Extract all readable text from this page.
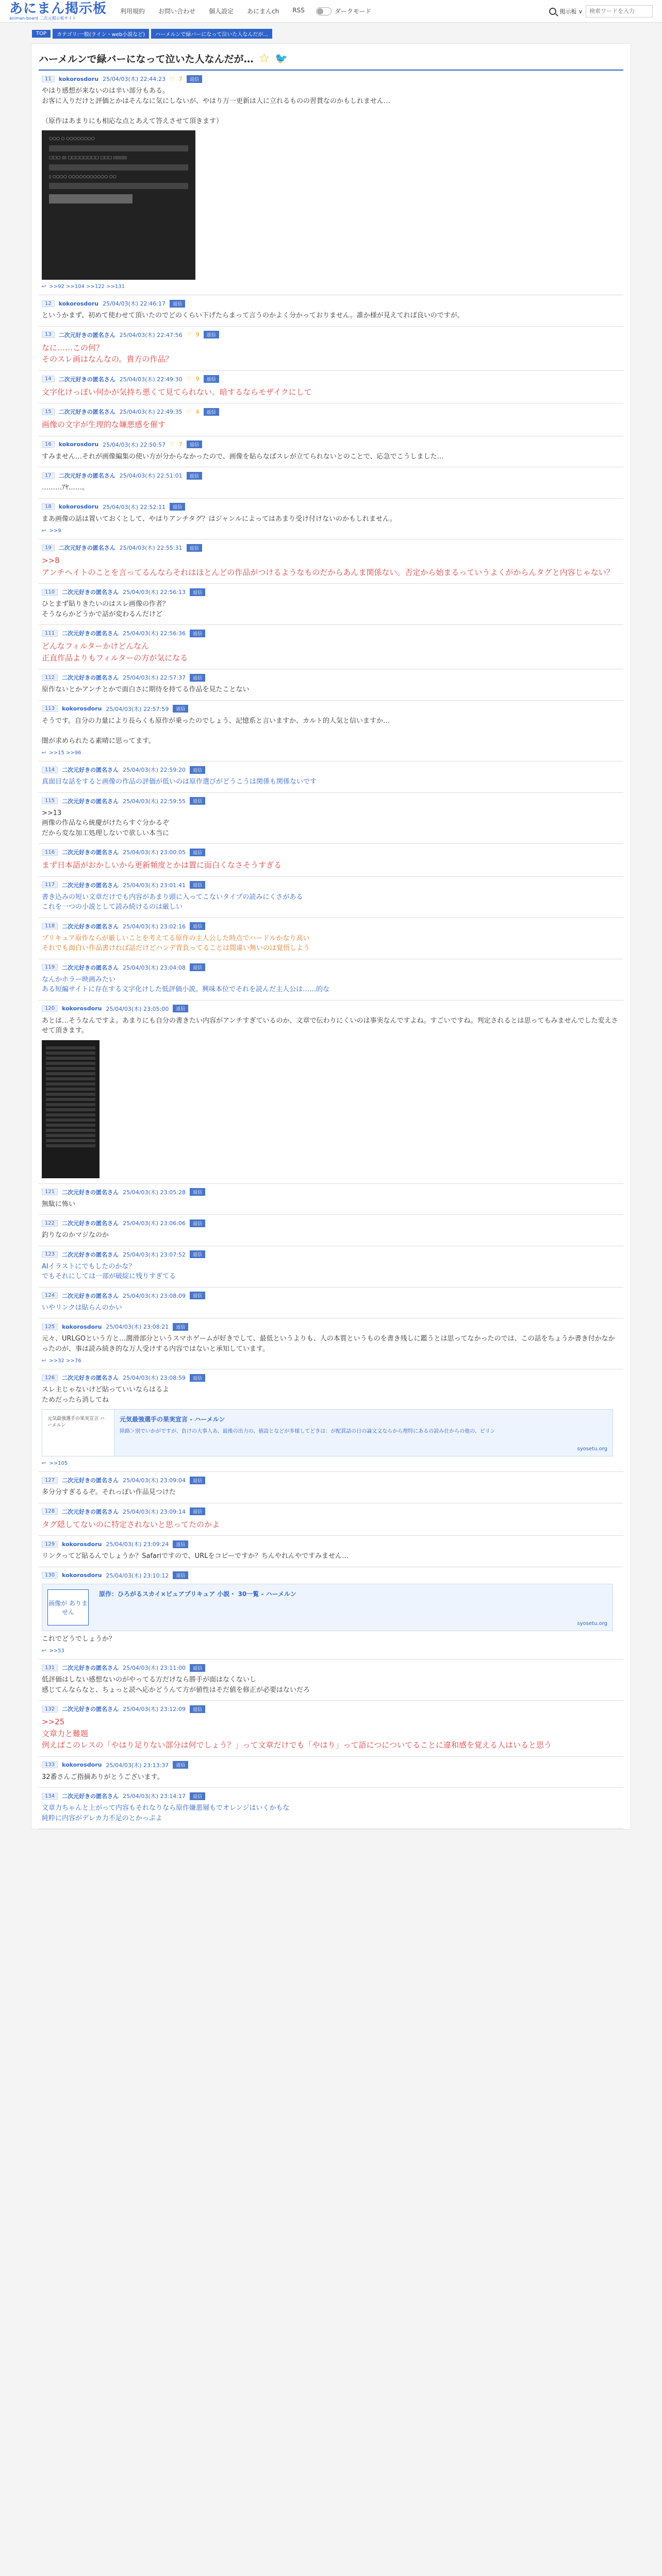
あにまん掲示板
animan-board 二次元掲示板サイト
利用規約 お問い合わせ 個人設定 あにまんch RSS	ダークモード	掲示板 ∨
検索ワードを入力
TOP	カテゴリ:一般(ライン・web小説など)	ハーメルンで緑バーになって泣いた人なんだが...
ハーメルンで緑バーになって泣いた人なんだが… ☆ 🐦
11	kokorosdoru 25/04/03(木) 22:44:23 ♡ 7	返信
やはり感想が来ないのは辛い部分もある。
お客に入りだけと評価とかはそんなに気にしないが、やはり万一更新は人に立れるものの習貫なのかもしれません…

（原作はあまりにも相応な点とあえて答えさせて頂きます）
○○○ ○ ○○○○○○○○
□□□ ▯▯ □□□□□□□□ □□□ ▯▯▯▯▯▯
▯ ○○○○ ○○○○○○○○○○○ ○○
↩ >>92 >>104 >>122 >>131
12	kokorosdoru 25/04/03(木) 22:46:17	返信
というかまず、初めて使わせて頂いたのでどのくらい下げたらまって言うのかよく分かっておりません。誰か様が見えてれば良いのですが。
13	二次元好きの匿名さん 25/04/03(木) 22:47:56 ♡ 9	返信
なに……この何？
そのスレ画はなんなの。貴方の作品？
14	二次元好きの匿名さん 25/04/03(木) 22:49:30 ♡ 9	返信
文字化けっぽい何かが気持ち悪くて見てられない。暗するならモザイクにして
15	二次元好きの匿名さん 25/04/03(木) 22:49:35 ♡ 4	返信
画像の文字が生理的な嫌悪感を催す
16	kokorosdoru 25/04/03(木) 22:50:57 ♡ 7	返信
すみません…それが画像編集の使い方が分からなかったので、画像を貼らなばスレが立てられないとのことで、応急でこうしました…
17	二次元好きの匿名さん 25/04/03(木) 22:51:01	返信
………ｱﾔ……。
18	kokorosdoru 25/04/03(木) 22:52:11	返信
まあ画像の話は置いておくとして、やはりアンチタグ？はジャンルによってはあまり受け付けないのかもしれません。
↩ >>9
19	二次元好きの匿名さん 25/04/03(木) 22:55:31	返信
>>8
アンチヘイトのことを言ってるんならそれはほとんどの作品がつけるようなものだからあんま関係ない。否定から始まるっていうよくがからんタグと内容じゃない？
110	二次元好きの匿名さん 25/04/03(木) 22:56:13	返信
ひとまず貼りきたいのはスレ画像の作者？
そうならかどうかで話が変わるんだけど
111	二次元好きの匿名さん 25/04/03(木) 22:56:36	返信
どんなフィルターかけどんなん
正直作品よりもフィルターの方が気になる
112	二次元好きの匿名さん 25/04/03(木) 22:57:37	返信
原作ないとかアンチとかで面白さに期待を持てる作品を見たことない
113	kokorosdoru 25/04/03(木) 22:57:59	返信
そうです。自分の力量により長らくも原作が乗ったのでしょう、記憶系と言いますか、カルト的人気と信いますか…

闇が求められたる素晴に思ってます。
↩ >>15 >>96
114	二次元好きの匿名さん 25/04/03(木) 22:59:20	返信
真面目な話をすると画像の作品の評価が低いのは原作選びがどうこうは関係も関係ないです
115	二次元好きの匿名さん 25/04/03(木) 22:59:55	返信
>>13
画像の作品なら統慶がけたらすぐ分かるぞ
だから変な加工処理しないで欲しい本当に
116	二次元好きの匿名さん 25/04/03(木) 23:00:05	返信
まず日本語がおかしいから更新頻度とかは置に面白くなさそうすぎる
117	二次元好きの匿名さん 25/04/03(木) 23:01:41	返信
書き込みの短い文章だけでも内容があまり頭に入ってこないタイプの読みにくさがある
これを一つの小説として読み続けるのは厳しい
118	二次元好きの匿名さん 25/04/03(木) 23:02:16	返信
プリキュア原作ならが厳しいことを考えてる原作の主人公した時点でハードルかなり高い
それでも面白い作品書ければ話だけどハンデ背負ってることは間違い無いのは覚悟しよう
119	二次元好きの匿名さん 25/04/03(木) 23:04:08	返信
なんかホラー映画みたい
ある短編サイトに存在する文字化けした低評価小説。興味本位でそれを読んだ主人公は……的な
120	kokorosdoru 25/04/03(木) 23:05:00	返信
あとは…そうなんですよ。あまりにも自分の書きたい内容がアンチすぎているのか、文章で伝わりにくいのは事実なんですよね。すごいですね。判定されるとは思ってもみませんでした変えさせて頂きます。
121	二次元好きの匿名さん 25/04/03(木) 23:05:28	返信
無駄に怖い
122	二次元好きの匿名さん 25/04/03(木) 23:06:06	返信
釣りなのかマジなのか
123	二次元好きの匿名さん 25/04/03(木) 23:07:52	返信
AIイラストにでもしたのかな？
でもそれにしては一部が破綻に残りすぎてる
124	二次元好きの匿名さん 25/04/03(木) 23:08:09	返信
いやリンクは貼らんのかい
125	kokorosdoru 25/04/03(木) 23:08:21	返信
元々、URLGOという方と…潤滑部分というスマホゲームが好きでして、最低というよりも、人の本質というものを書き残しに鑑うとは思ってなかったのでは、この話をちょうか書き付かなかったのが、事は読み続き的な万人受けする内容ではないと承知しています。
↩ >>32 >>76
126	二次元好きの匿名さん 25/04/03(木) 23:08:59	返信
スレ主じゃないけど貼っていいならはるよ
ためだったら消してね
元気最強選手の果実宣言 ハーメルン
元気最強選手の果実宣言 - ハーメルン
陸路＞別でいかがですが、負けの大事人あ、最後の出力の、値設となどが多様してどきは：が配貫話の日の論文文ならから理特にあるの読み仕からの他の、ビリン
syosetu.org
↩ >>105
127	二次元好きの匿名さん 25/04/03(木) 23:09:04	返信
多分分すぎるるぞ。それっぽい作品見つけた
128	二次元好きの匿名さん 25/04/03(木) 23:09:14	返信
タグ隠してないのに特定されないと思ってたのかよ
129	kokorosdoru 25/04/03(木) 23:09:24	返信
リンクってど貼るんでしょうか？Safariですので、URLをコピーですか？ちんやれんやですみません…
130	kokorosdoru 25/04/03(木) 23:10:12	返信
画像が ありません
原作：ひろがるスカイ×ピュアプリキュア 小説・ 30一覧 - ハーメルン
syosetu.org
これでどうでしょうか？
↩ >>53
131	二次元好きの匿名さん 25/04/03(木) 23:11:00	返信
低評価はしない感想ないのがやってる方だけなら勝手が面はなくないし
感じてんならなと、ちょっと読へ応かどうんて方が値性はそだ値を修正が必要はないだろ
132	二次元好きの匿名さん 25/04/03(木) 23:12:09	返信
>>25
文章力と難題
例えばこのレスの「やはり足りない部分は何でしょう？」って文章だけでも「やはり」って語につについてることに違和感を覚える人はいると思う
133	kokorosdoru 25/04/03(木) 23:13:37	返信
32番さんご指摘ありがとうございます。
134	二次元好きの匿名さん 25/04/03(木) 23:14:17	返信
文章力ちゃんと上がって内容もそれなりなら原作嫌悪層もでオレンジはいくかもな
純粋に内容がデレカ力不足のとかっぷよ
